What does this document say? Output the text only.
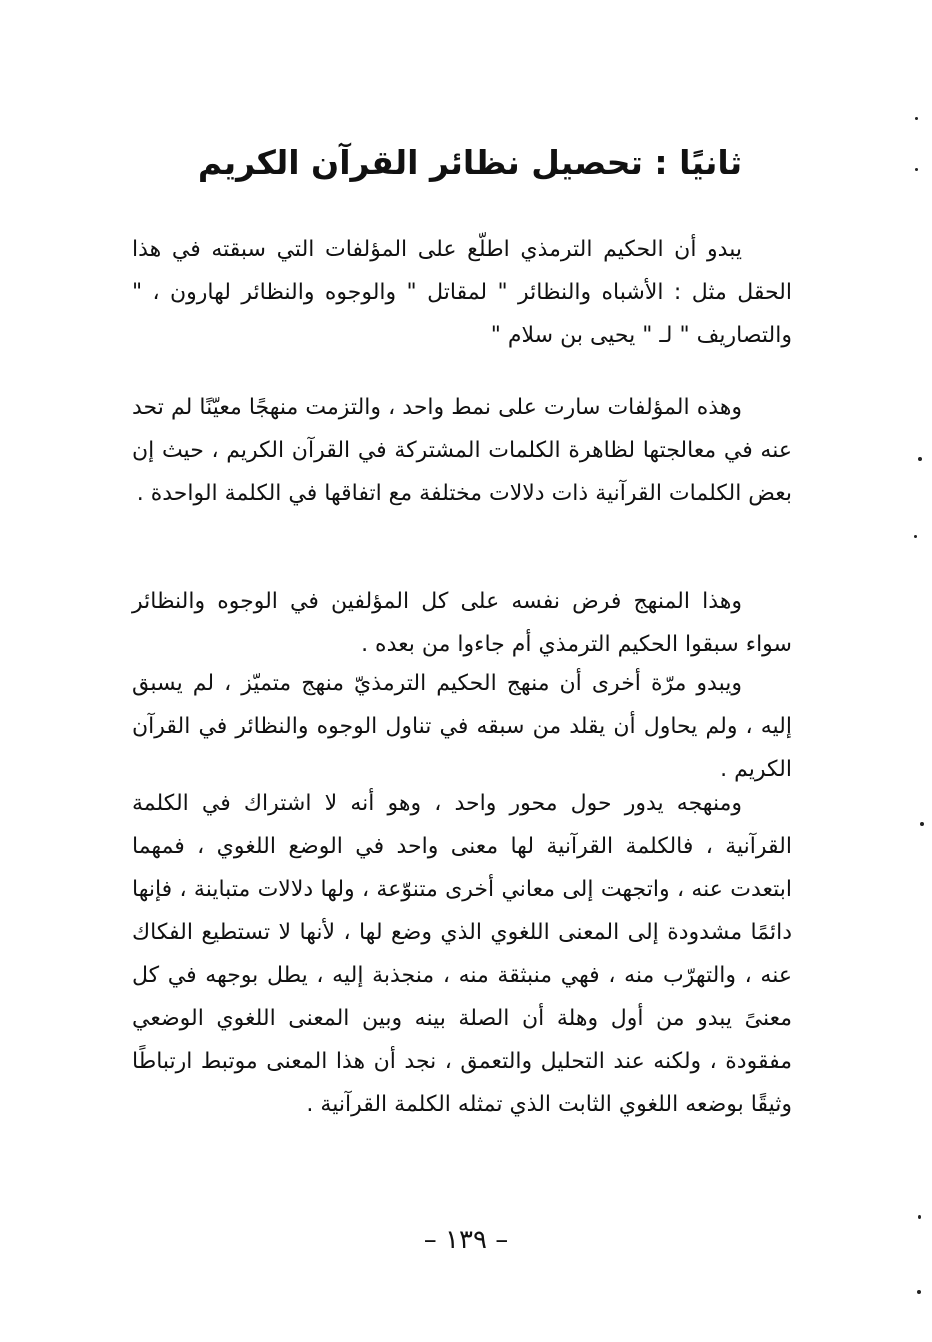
ثانيًا : تحصيل نظائر القرآن الكريم

يبدو أن الحكيم الترمذي اطلّع على المؤلفات التي سبقته في هذا الحقل مثل : الأشباه والنظائر " لمقاتل " والوجوه والنظائر لهارون ، " والتصاريف " لـ " يحيى بن سلام "

وهذه المؤلفات سارت على نمط واحد ، والتزمت منهجًا معيّنًا لم تحد عنه في معالجتها لظاهرة الكلمات المشتركة في القرآن الكريم ، حيث إن بعض الكلمات القرآنية ذات دلالات مختلفة مع اتفاقها في الكلمة الواحدة .

وهذا المنهج فرض نفسه على كل المؤلفين في الوجوه والنظائر سواء سبقوا الحكيم الترمذي أم جاءوا من بعده .

ويبدو مرّة أخرى أن منهج الحكيم الترمذيّ منهج متميّز ، لم يسبق إليه ، ولم يحاول أن يقلد من سبقه في تناول الوجوه والنظائر في القرآن الكريم .

ومنهجه يدور حول محور واحد ، وهو أنه لا اشتراك في الكلمة القرآنية ، فالكلمة القرآنية لها معنى واحد في الوضع اللغوي ، فمهما ابتعدت عنه ، واتجهت إلى معاني أخرى متنوّعة ، ولها دلالات متباينة ، فإنها دائمًا مشدودة إلى المعنى اللغوي الذي وضع لها ، لأنها لا تستطيع الفكاك عنه ، والتهرّب منه ، فهي منبثقة منه ، منجذبة إليه ، يطل بوجهه في كل معنىً يبدو من أول وهلة أن الصلة بينه وبين المعنى اللغوي الوضعي مفقودة ، ولكنه عند التحليل والتعمق ، نجد أن هذا المعنى موتبط ارتباطًا وثيقًا بوضعه اللغوي الثابت الذي تمثله الكلمة القرآنية .

– ١٣٩ –
